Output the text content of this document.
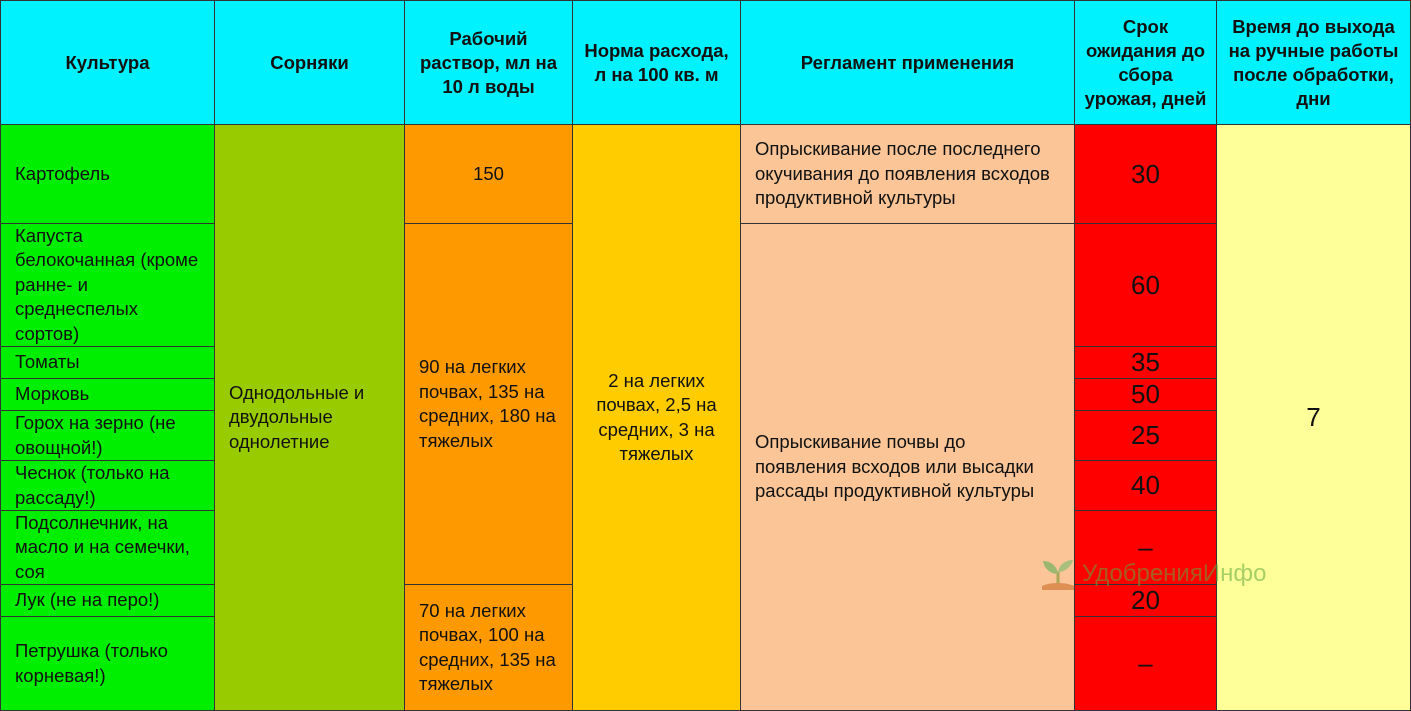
Культура	Сорняки
Рабочий раствор, мл на 10 л воды
Норма расхода, л на 100 кв. м
Регламент применения
Срок ожидания до сбора урожая, дней
Время до выхода на ручные работы после обработки, дни
Картофель
Капуста белокочанная (кроме ранне- и среднеспелых сортов)
Томаты
Морковь
Горох на зерно (не овощной!)
Чеснок (только на рассаду!)
Подсолнечник, на масло и на семечки, соя
Лук (не на перо!)
Петрушка (только корневая!)
Однодольные и двудольные однолетние
150
90 на легких почвах, 135 на средних, 180 на тяжелых
70 на легких почвах, 100 на средних, 135 на тяжелых
2 на легких почвах, 2,5 на средних, 3 на тяжелых
Опрыскивание после последнего окучивания до появления всходов продуктивной культуры
Опрыскивание почвы до появления всходов или высадки рассады продуктивной культуры
30
60
35
50
25
40
–
20
–
7
УдобренияИнфо
